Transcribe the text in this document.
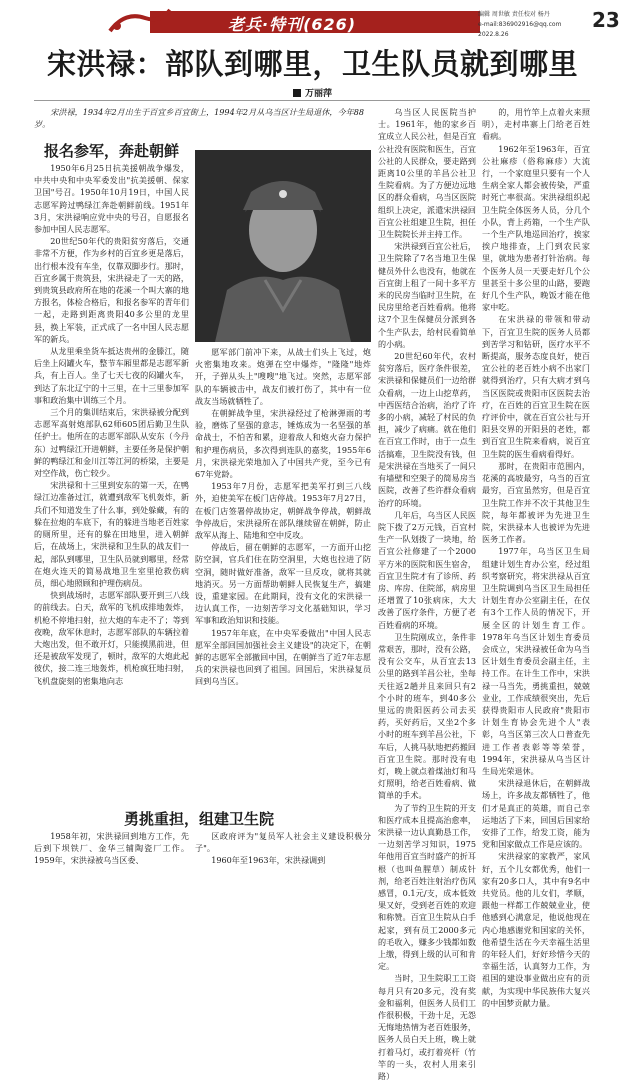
老兵·特刊(626)
编辑 周世敏 责任校对 杨丹
e-mail:836902916@qq.com 2022.8.26
23
宋洪禄：部队到哪里，卫生队员就到哪里
万丽萍

宋洪禄，1934年2月出生于百宜乡百宜街上，1994年2月从乌当区计生局退休，今年88岁。

报名参军，奔赴朝鲜

1950年6月25日抗美援朝战争爆发，中共中央和中央军委发出"抗美援朝、保家卫国"号召。1950年10月19日，中国人民志愿军跨过鸭绿江奔赴朝鲜前线。1951年3月，宋洪禄响应党中央的号召，自愿报名参加中国人民志愿军。

20世纪50年代的贵阳贫穷落后，交通非常不方便，作为乡村的百宜乡更是落后，出行根本没有车坐，仅靠双脚步行。那时，百宜乡属于贵筑县，宋洪禄走了一天的路，到贵筑县政府所在地的花溪一个叫大寨的地方报名，体检合格后，和报名参军的青年们一起，走路到距离贵阳40多公里的龙里县，换上军装，正式成了一名中国人民志愿军的新兵。

从龙里乘坐货车抵达贵州的金滕江，随后坐上闷罐火车，整节车厢里都是志愿军新兵，有上百人。坐了七天七夜的闷罐火车，到达了东北辽宁的十三里，在十三里参加军事和政治集中训练三个月。

三个月的集训结束后，宋洪禄被分配到志愿军高射炮部队62师605团后勤卫生队任护士。他所在的志愿军部队从安东（今丹东）过鸭绿江开进朝鲜，主要任务是保护朝鲜的鸭绿江和金川江等江河的桥梁，主要是对空作战，伤亡较少。

宋洪禄和十三里到安东的第一天，在鸭绿江边准备过江，就遭到敌军飞机轰炸，新兵们不知道发生了什么事，到处躲藏，有的躲在拉炮的车底下，有的躲进当地老百姓家的厕所里，还有的躲在田地里，进入朝鲜后，在战场上，宋洪禄和卫生队的战友们一起，部队到哪里，卫生队员就到哪里，经常在炮火连天的简易战地卫生室里抢救伤病员，细心地照顾和护理伤病员。

快到战场时，志愿军部队要开到三八线的前线去。白天，敌军的飞机成排地轰炸，机枪不停地扫射，拉大炮的车走不了；等到夜晚，敌军休息时，志愿军部队的车辆拉着大炮出发，但不敢开灯，只能摸黑前进，但还是被敌军发现了，顿时，敌军的大炮此起彼伏，接二连三地轰炸，机枪疯狂地扫射，飞机盘旋刻的密集地向志

勇挑重担，组建卫生院

1958年初，宋洪禄回到地方工作，先后到下坝铁厂、金华三辅陶瓷厂工作。1959年，宋洪禄被乌当区委、

愿军部门前冲下来，从战士们头上飞过，炮火密集地攻来。炮弹在空中爆炸，"隆隆"地炸开，子弹从头上"嗖嗖"地飞过。突然，志愿军部队的车辆被击中，战友们被打伤了，其中有一位战友当场就牺牲了。

在朝鲜战争里，宋洪禄经过了枪淋弹雨的考验，磨炼了坚强的意志，锤炼成为一名坚强的革命战士，不怕苦和累，迎着敌人和炮火奋力保护和护理伤病员，多次得到连队的嘉奖，1955年6月，宋洪禄光荣地加入了中国共产党，至今已有67年党龄。

1953年7月份，志愿军把美军打到三八线外，迫使美军在板门店停战。1953年7月27日，在板门店签署停战协定，朝鲜战争停战，朝鲜战争停战后，宋洪禄所在部队继续留在朝鲜，防止敌军从海上、陆地和空中反攻。

停战后，留在朝鲜的志愿军，一方面开山挖防空洞，官兵们住在防空洞里，大炮也拉进了防空洞，随时做好准备，敌军一旦反攻，就将其就地消灭。另一方面帮助朝鲜人民恢复生产，搞建设，重建家园。在此期间，没有文化的宋洪禄一边认真工作，一边刻苦学习文化基础知识，学习军事和政治知识和技能。

1957年年底，在中央军委做出"中国人民志愿军全部回国加强社会主义建设"的决定下，在朝鲜的志愿军全部撤回中国，在朝鲜当了近7年志愿兵的宋洪禄也回到了祖国。回国后，宋洪禄复员回到乌当区。

区政府评为"复员军人社会主义建设积极分子"。

1960年至1963年，宋洪禄调到

乌当区人民医院当护士。1961年，他的家乡百宜成立人民公社，但是百宜公社没有医院和医生，百宜公社的人民群众，要走路到距离10公里的羊昌公社卫生院看病。为了方便边远地区的群众看病，乌当区医院组织上决定，派遣宋洪禄回百宜公社组建卫生院，担任卫生院院长并主持工作。

宋洪禄到百宜公社后，卫生院除了7名当地卫生保健员外什么也没有，他就在百宜街上租了一间十多平方米的民房当临时卫生院，在民房里给老百姓看病。他将这7个卫生保健员分派到各个生产队去，给村民看简单的小病。

20世纪60年代，农村贫穷落后，医疗条件很差，宋洪禄和保健员们一边给群众看病，一边上山挖草药，中西医结合治病，治疗了许多的小病，减轻了村民的负担，减少了病痛。就在他们在百宜工作时，由于一点生活搞难，卫生院没有钱，但是宋洪禄在当地买了一间只有墙壁和空架子的简易房当医院，改善了些许群众看病治疗的环境。

几年后，乌当区人民医院下拨了2万元钱，百宜村生产一队划拨了一块地，给百宜公社修建了一个2000平方米的医院和医生宿舍，百宜卫生院才有了诊所、药房、库房、住院部，病房里还增置了10张病床，大大改善了医疗条件，方便了老百姓看病的环境。

卫生院刚成立，条件非常艰苦，那时，没有公路，没有公交车，从百宜去13公里的路到羊昌公社，坐每天往返2趟并且来回只有2个小时的班车，到40多公里远的贵阳医药公司去买药，买好药后，又坐2个多小时的班车到羊昌公社，下车后，人挑马驮地把药搬回百宜卫生院。那时没有电灯，晚上就点着煤油灯和马灯照明，给老百姓看病、做简单的手术。

为了节约卫生院的开支和医疗成本且提高治愈率，宋洪禄一边认真勤恳工作，一边刻苦学习知识，1975年他用百宜当时盛产的折耳根（也叫鱼腥草）制成针剂，给老百姓注射治疗伤风感冒，0.1元/支，成本低效果又好，受到老百姓的欢迎和称赞。百宜卫生院从白手起家，到有员工2000多元的毛收入，赚多少钱都如数上缴，得到上级的认可和肯定。

当时，卫生院职工工资每月只有20多元，没有奖金和福利，但医务人员们工作很积极，干劲十足，无怨无悔地热情为老百姓服务，医务人员白天上班，晚上就打着马灯，或打着亮杆（竹竿的一头，农村人用来引路）

的，用竹竿上点着火来照明），走村串寨上门给老百姓看病。

1962年至1963年，百宜公社麻疹（俗称麻疹）大流行，一个家庭里只要有一个人生病全家人都会被传染，严重时死亡率很高。宋洪禄组织起卫生院全体医务人员，分几个小队，背上药箱，一个生产队一个生产队地巡回治疗，挨家挨户地排查，上门到农民家里，就地为患者打针治病。每个医务人员一天要走好几个公里甚至十多公里的山路，要跑好几个生产队，晚饭才能在他家中吃。

在宋洪禄的带领和带动下，百宜卫生院的医务人员都到苦学习和钻研，医疗水平不断提高，服务态度良好，使百宜公社的老百姓小病不出家门就得到治疗，只有大病才到乌当区医院或贵阳市区医院去治疗，在百姓的百宜卫生院在医疗评价中，就在百宜公社与开阳县交界的开阳县的老姓，都到百宜卫生院来看病，说百宜卫生院的医生看病看得好。

那时，在贵阳市范围内，花溪的高坡最穷，乌当的百宜最穷，百宜虽然穷，但是百宜卫生院工作并不次于其他卫生院，每年都被评为先进卫生院，宋洪禄本人也被评为先进医务工作者。

1977年，乌当区卫生局组建计划生育办公室，经过组织考察研究，将宋洪禄从百宜卫生院调到乌当区卫生局担任计划生育办公室副主任，在仅有3个工作人员的情况下，开展全区的计划生育工作。1978年乌当区计划生育委员会成立，宋洪禄被任命为乌当区计划生育委员会副主任，主持工作。在计生工作中，宋洪禄一马当先，勇挑重担，兢兢业业，工作成绩很突出，先后获得贵阳市人民政府"贵阳市计划生育协会先进个人"表彰，乌当区第三次人口普查先进工作者表彰等等荣誉，1994年，宋洪禄从乌当区计生局光荣退休。

宋洪禄退休后，在朝鲜战场上，许多战友都牺牲了，他们才是真正的英雄，而自己幸运地活了下来，回国后国家给安排了工作，给发工资，能为党和国家做点工作是应该的。

宋洪禄家的家教严，家风好，五个儿女都优秀，他们一家有20多口人，其中有9名中共党员。他的儿女们，孝顺，跟他一样都工作兢兢业业，使他感到心满意足，他说他现在内心地感谢党和国家的关怀，他希望生活在今天幸福生活里的年轻人们，好好珍惜今天的幸福生活，认真努力工作，为祖国的建设事业做出应有的贡献，为实现中华民族伟大复兴的中国梦贡献力量。
